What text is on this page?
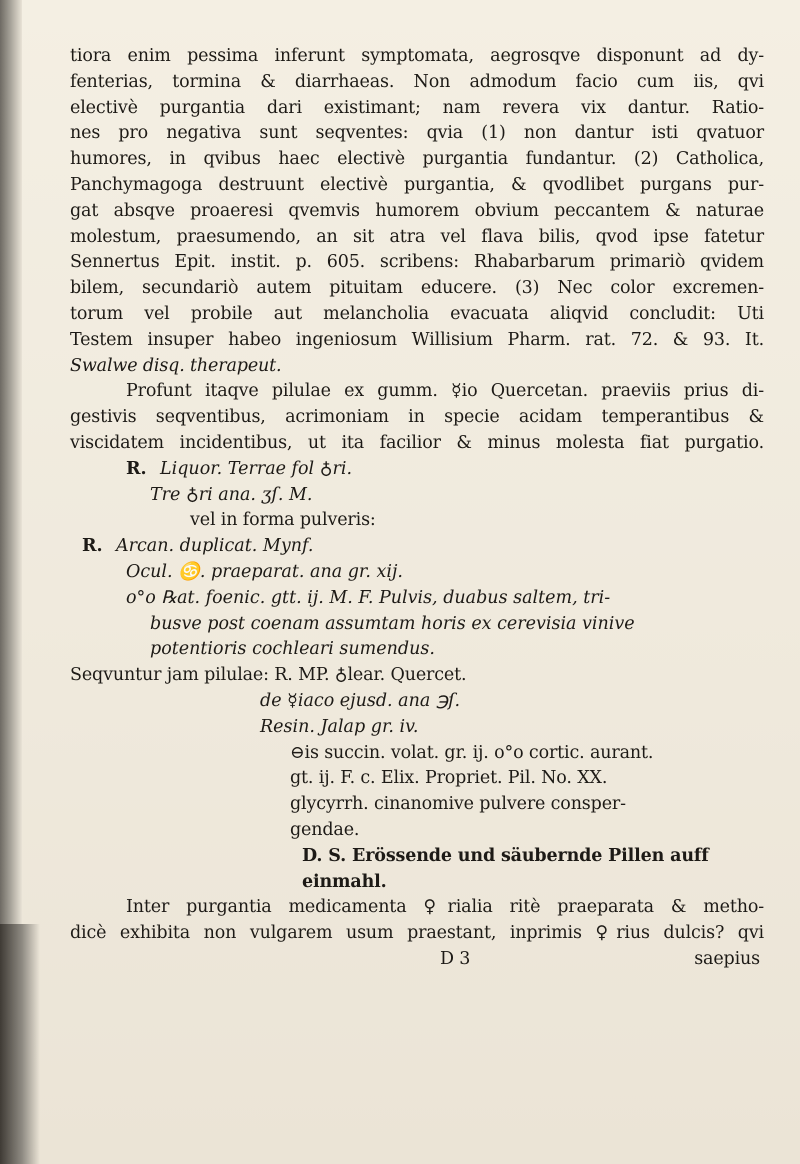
tiora enim pessima inferunt symptomata, aegrosqve disponunt ad dy-

fenterias, tormina & diarrhaeas. Non admodum facio cum iis, qvi

electivè purgantia dari existimant; nam revera vix dantur. Ratio-

nes pro negativa sunt seqventes: qvia (1) non dantur isti qvatuor

humores, in qvibus haec electivè purgantia fundantur. (2) Catholica,

Panchymagoga destruunt electivè purgantia, & qvodlibet purgans pur-

gat absqve proaeresi qvemvis humorem obvium peccantem & naturae

molestum, praesumendo, an sit atra vel flava bilis, qvod ipse fatetur

Sennertus Epit. instit. p. 605. scribens: Rhabarbarum primariò qvidem

bilem, secundariò autem pituitam educere. (3) Nec color excremen-

torum vel probile aut melancholia evacuata aliqvid concludit: Uti

Testem insuper habeo ingeniosum Willisium Pharm. rat. 72. & 93. It.

Swalwe disq. therapeut.

Profunt itaqve pilulae ex gumm. ☿io Quercetan. praeviis prius di-

gestivis seqventibus, acrimoniam in specie acidam temperantibus &

viscidatem incidentibus, ut ita facilior & minus molesta fiat purgatio.

R. Liquor. Terrae fol ♁ri.

Tre ♁ri ana. ʒſ. M.

vel in forma pulveris:

R. Arcan. duplicat. Mynf.

Ocul. ♋. praeparat. ana gr. xij.

o°o ℞at. foenic. gtt. ij. M. F. Pulvis, duabus saltem, tri-

busve post coenam assumtam horis ex cerevisia vinive

potentioris cochleari sumendus.

Seqvuntur jam pilulae: R. MP. ♁lear. Quercet.

de ☿iaco ejusd. ana ℈ſ.

Resin. Jalap gr. iv.

⊖is succin. volat. gr. ij. o°o cortic. aurant.

gt. ij. F. c. Elix. Propriet. Pil. No. XX.

glycyrrh. cinanomive pulvere consper-

gendae.

D. S. Erössende und säubernde Pillen auff

einmahl.

Inter purgantia medicamenta ♀rialia ritè praeparata & metho-

dicè exhibita non vulgarem usum praestant, inprimis ♀rius dulcis? qvi

D 3	saepius
